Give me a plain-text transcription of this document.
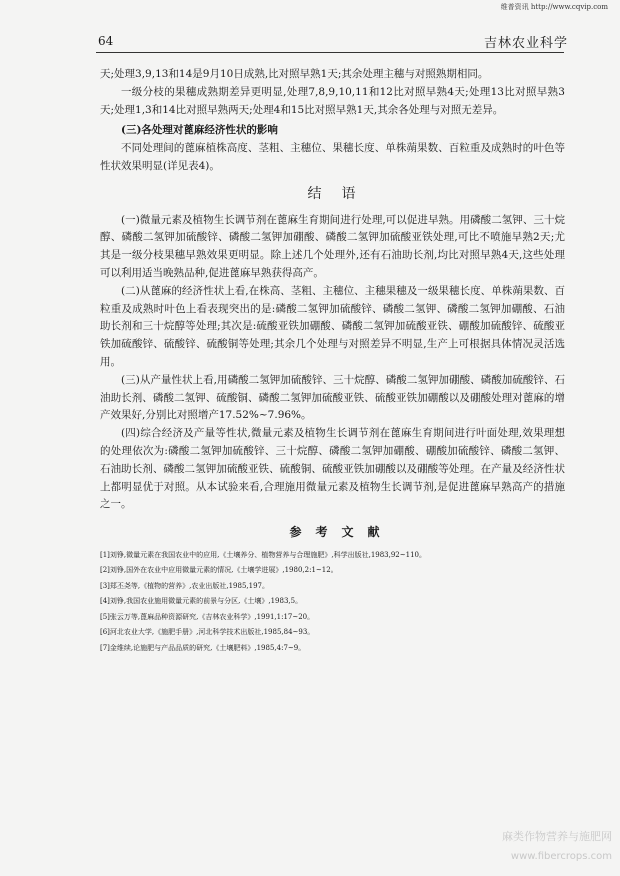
维普资讯 http://www.cqvip.com
64	吉林农业科学

天;处理3,9,13和14是9月10日成熟,比对照早熟1天;其余处理主穗与对照熟期相同。

一级分枝的果穗成熟期差异更明显,处理7,8,9,10,11和12比对照早熟4天;处理13比对照早熟3天;处理1,3和14比对照早熟两天;处理4和15比对照早熟1天,其余各处理与对照无差异。

(三)各处理对蓖麻经济性状的影响

不同处理间的蓖麻植株高度、茎粗、主穗位、果穗长度、单株蒴果数、百粒重及成熟时的叶色等性状效果明显(详见表4)。

结语

(一)微量元素及植物生长调节剂在蓖麻生育期间进行处理,可以促进早熟。用磷酸二氢钾、三十烷醇、磷酸二氢钾加硫酸锌、磷酸二氢钾加硼酸、磷酸二氢钾加硫酸亚铁处理,可比不喷施早熟2天;尤其是一级分枝果穗早熟效果更明显。除上述几个处理外,还有石油助长剂,均比对照早熟4天,这些处理可以利用适当晚熟品种,促进蓖麻早熟获得高产。

(二)从蓖麻的经济性状上看,在株高、茎粗、主穗位、主穗果穗及一级果穗长度、单株蒴果数、百粒重及成熟时叶色上看表现突出的是:磷酸二氢钾加硫酸锌、磷酸二氢钾、磷酸二氢钾加硼酸、石油助长剂和三十烷醇等处理;其次是:硫酸亚铁加硼酸、磷酸二氢钾加硫酸亚铁、硼酸加硫酸锌、硫酸亚铁加硫酸锌、硫酸锌、硫酸铜等处理;其余几个处理与对照差异不明显,生产上可根据具体情况灵活选用。

(三)从产量性状上看,用磷酸二氢钾加硫酸锌、三十烷醇、磷酸二氢钾加硼酸、磷酸加硫酸锌、石油助长剂、磷酸二氢钾、硫酸铜、磷酸二氢钾加硫酸亚铁、硫酸亚铁加硼酸以及硼酸处理对蓖麻的增产效果好,分别比对照增产17.52%~7.96%。

(四)综合经济及产量等性状,微量元素及植物生长调节剂在蓖麻生育期间进行叶面处理,效果理想的处理依次为:磷酸二氢钾加硫酸锌、三十烷醇、磷酸二氢钾加硼酸、硼酸加硫酸锌、磷酸二氢钾、石油助长剂、磷酸二氢钾加硫酸亚铁、硫酸铜、硫酸亚铁加硼酸以及硼酸等处理。在产量及经济性状上都明显优于对照。从本试验来看,合理施用微量元素及植物生长调节剂,是促进蓖麻早熟高产的措施之一。

参考文献
[1]刘铮,微量元素在我国农业中的应用,《土壤养分、植物营养与合理施肥》,科学出版社,1983,92~110。
[2]刘铮,国外在农业中应用微量元素的情况,《土壤学进展》,1980,2:1~12。
[3]郑丕尧等,《植物的营养》,农业出版社,1985,197。
[4]刘铮,我国农业施用微量元素的前景与分区,《土壤》,1983,5。
[5]张云万等,蓖麻品种资源研究,《吉林农业科学》,1991,1:17~20。
[6]河北农业大学,《施肥手册》,河北科学技术出版社,1985,84~93。
[7]金维续,论施肥与产品品质的研究,《土壤肥料》,1985,4:7~9。
麻类作物营养与施肥网
www.fibercrops.com
